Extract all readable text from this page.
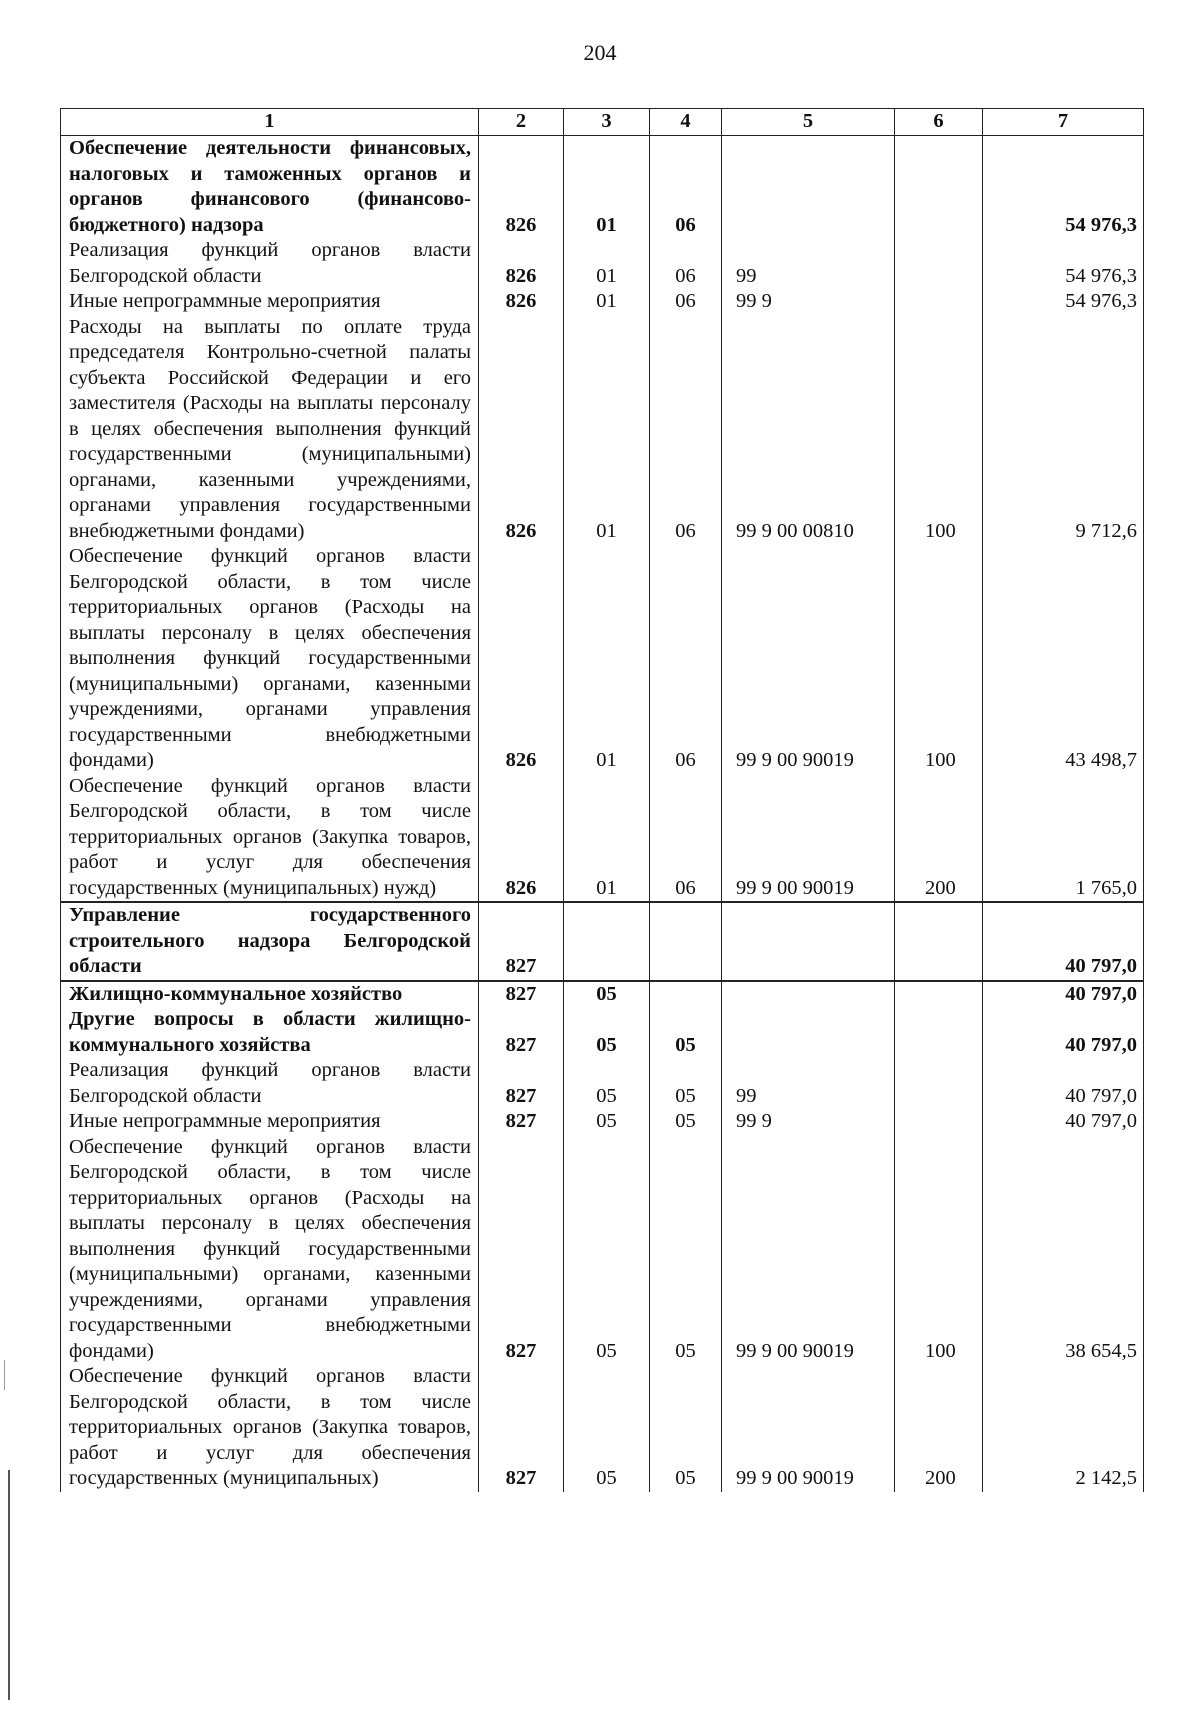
204
1	2	3	4	5	6	7
Обеспечение деятельности финансовых, налоговых и таможенных органов и органов финансового (финансово-бюджетного) надзора	826	01	06			54 976,3
Реализация функций органов власти Белгородской области	826	01	06	99		54 976,3
Иные непрограммные мероприятия	826	01	06	99 9		54 976,3
Расходы на выплаты по оплате труда председателя Контрольно-счетной палаты субъекта Российской Федерации и его заместителя (Расходы на выплаты персоналу в целях обеспечения выполнения функций государственными (муниципальными) органами, казенными учреждениями, органами управления государственными внебюджетными фондами)	826	01	06	99 9 00 00810	100	9 712,6
Обеспечение функций органов власти Белгородской области, в том числе территориальных органов (Расходы на выплаты персоналу в целях обеспечения выполнения функций государственными (муниципальными) органами, казенными учреждениями, органами управления государственными внебюджетными фондами)	826	01	06	99 9 00 90019	100	43 498,7
Обеспечение функций органов власти Белгородской области, в том числе территориальных органов (Закупка товаров, работ и услуг для обеспечения государственных (муниципальных) нужд)	826	01	06	99 9 00 90019	200	1 765,0
Управление государственного строительного надзора Белгородской области	827					40 797,0
Жилищно-коммунальное хозяйство	827	05				40 797,0
Другие вопросы в области жилищно-коммунального хозяйства	827	05	05			40 797,0
Реализация функций органов власти Белгородской области	827	05	05	99		40 797,0
Иные непрограммные мероприятия	827	05	05	99 9		40 797,0
Обеспечение функций органов власти Белгородской области, в том числе территориальных органов (Расходы на выплаты персоналу в целях обеспечения выполнения функций государственными (муниципальными) органами, казенными учреждениями, органами управления государственными внебюджетными фондами)	827	05	05	99 9 00 90019	100	38 654,5
Обеспечение функций органов власти Белгородской области, в том числе территориальных органов (Закупка товаров, работ и услуг для обеспечения государственных (муниципальных)	827	05	05	99 9 00 90019	200	2 142,5
